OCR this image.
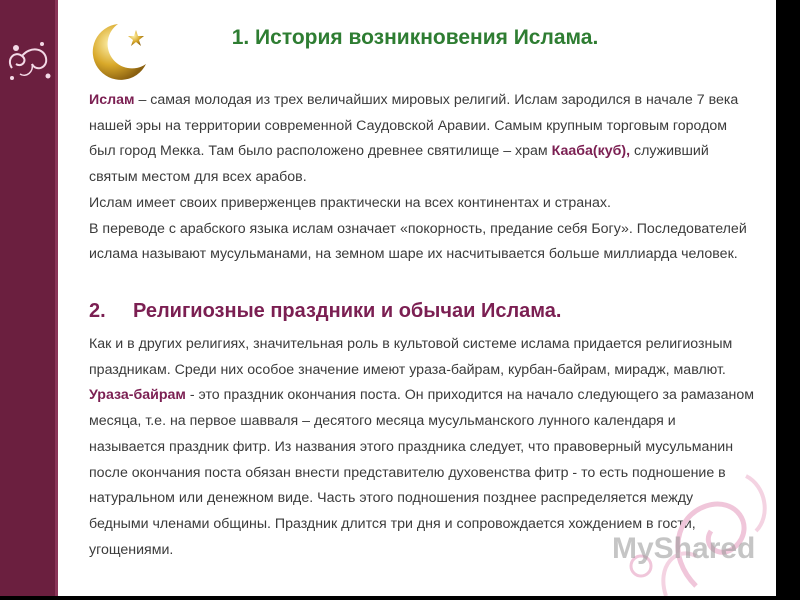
1. История возникновения Ислама.
Ислам – самая молодая из трех величайших мировых религий. Ислам зародился в начале 7 века нашей эры на территории современной Саудовской Аравии. Самым крупным торговым городом был город Мекка. Там было расположено древнее святилище – храм Кааба(куб), служивший святым местом для всех арабов.
Ислам имеет своих приверженцев практически на всех континентах и странах.
В переводе с арабского языка ислам означает «покорность, предание себя Богу». Последователей ислама называют мусульманами, на земном шаре их насчитывается больше миллиарда человек.
2. Религиозные праздники и обычаи Ислама.
Как и в других религиях, значительная роль в культовой системе ислама придается религиозным праздникам. Среди них особое значение имеют ураза-байрам, курбан-байрам, мирадж, мавлют.
Ураза-байрам - это праздник окончания поста. Он приходится на начало следующего за рамазаном месяца, т.е. на первое шавваля – десятого месяца мусульманского лунного календаря и называется праздник фитр. Из названия этого праздника следует, что правоверный мусульманин после окончания поста обязан внести представителю духовенства фитр - то есть подношение в натуральном или денежном виде. Часть этого подношения позднее распределяется между бедными членами общины. Праздник длится три дня и сопровождается хождением в гости, угощениями.	MyShared
